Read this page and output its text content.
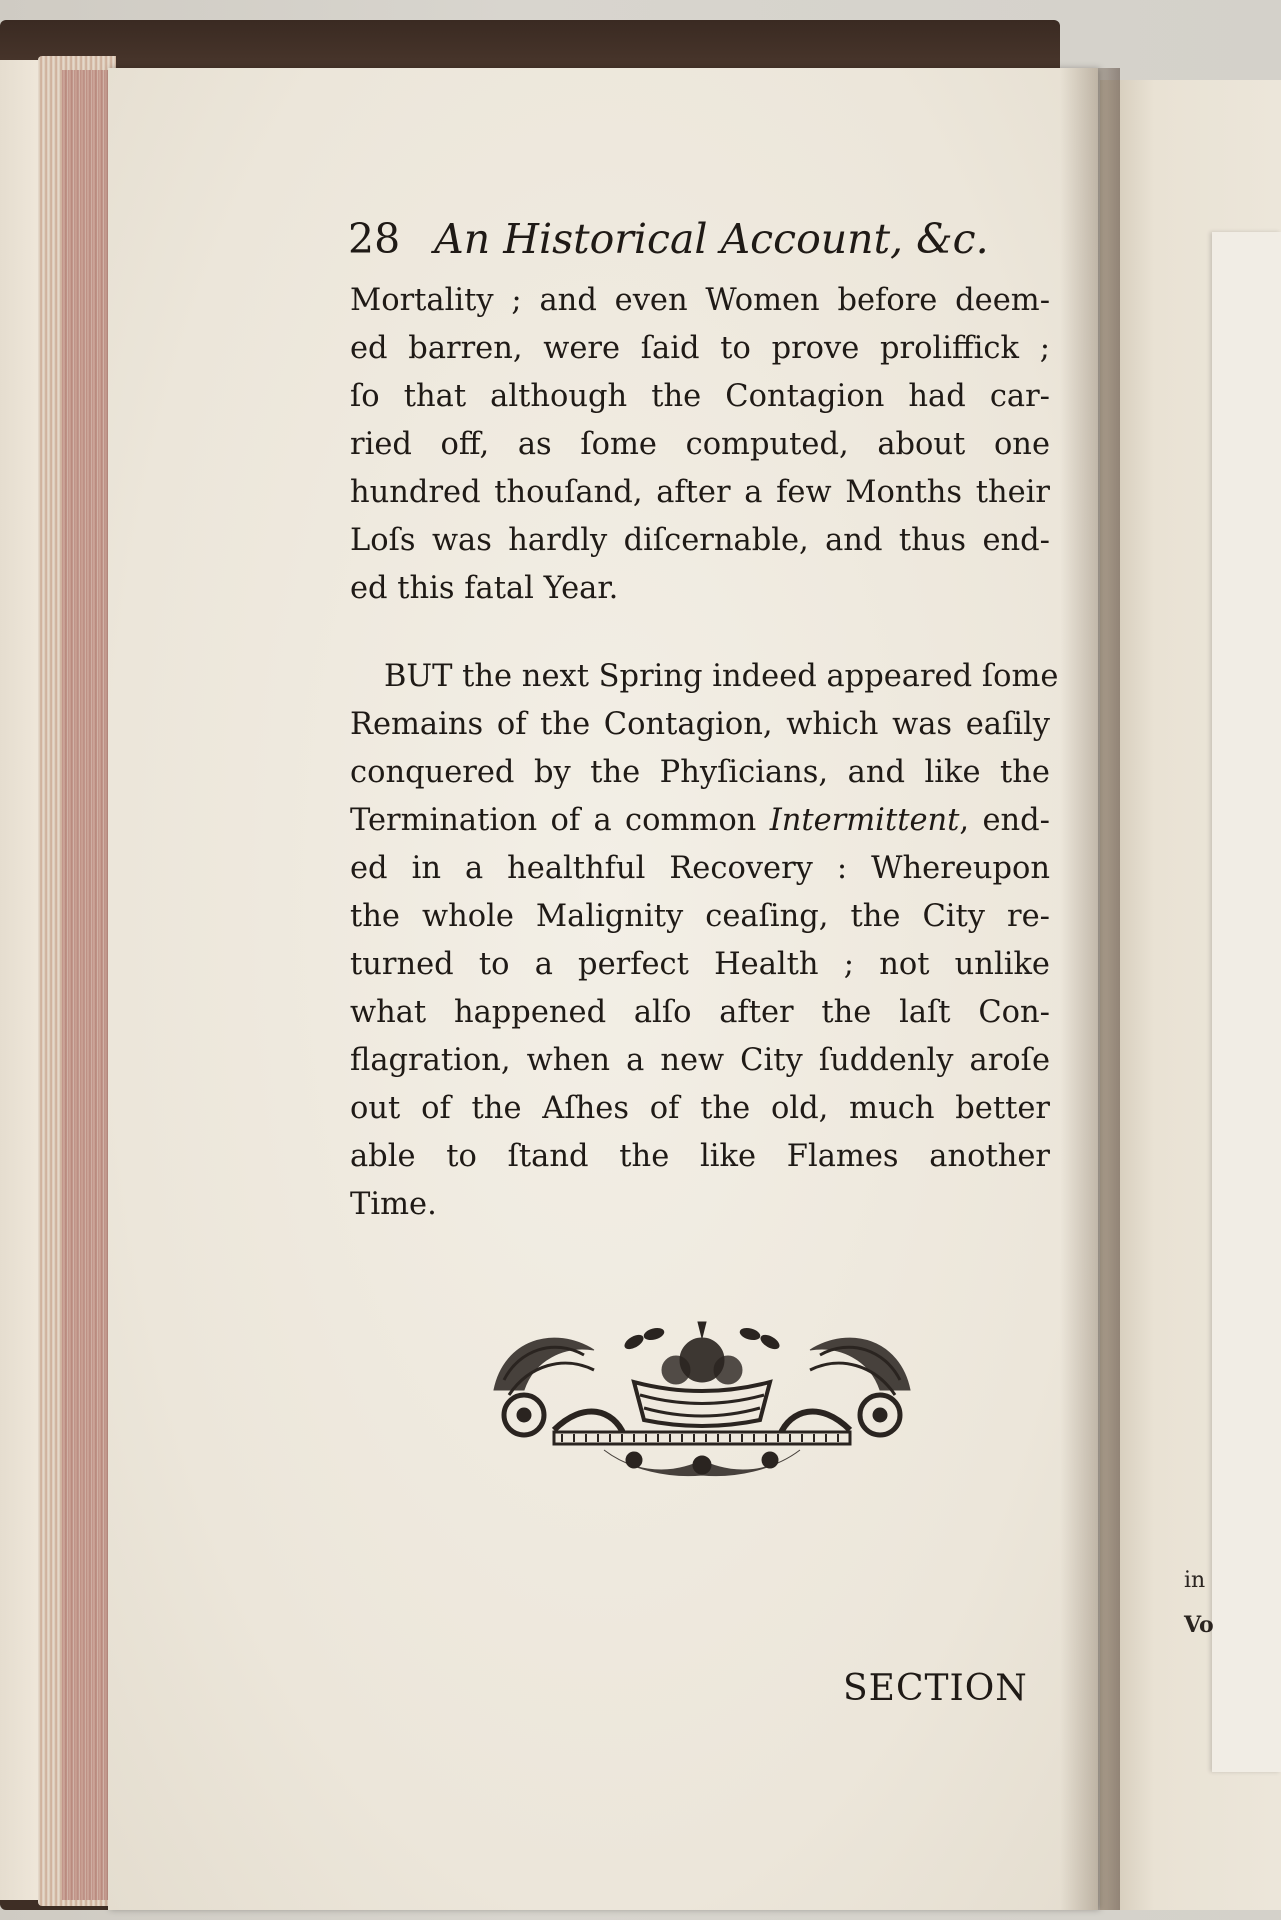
in
Vo
28 An Historical Account, &c.
Mortality ; and even Women before deem-
ed barren, were ſaid to prove proliffick ;
ſo that although the Contagion had car-
ried off, as ſome computed, about one
hundred thouſand, after a few Months their
Loſs was hardly diſcernable, and thus end-
ed this fatal Year.
BUT the next Spring indeed appeared ſome
Remains of the Contagion, which was eaſily
conquered by the Phyſicians, and like the
Termination of a common Intermittent, end-
ed in a healthful Recovery : Whereupon
the whole Malignity ceaſing, the City re-
turned to a perfect Health ; not unlike
what happened alſo after the laſt Con-
flagration, when a new City ſuddenly aroſe
out of the Aſhes of the old, much better
able to ſtand the like Flames another
Time.
SECTION
